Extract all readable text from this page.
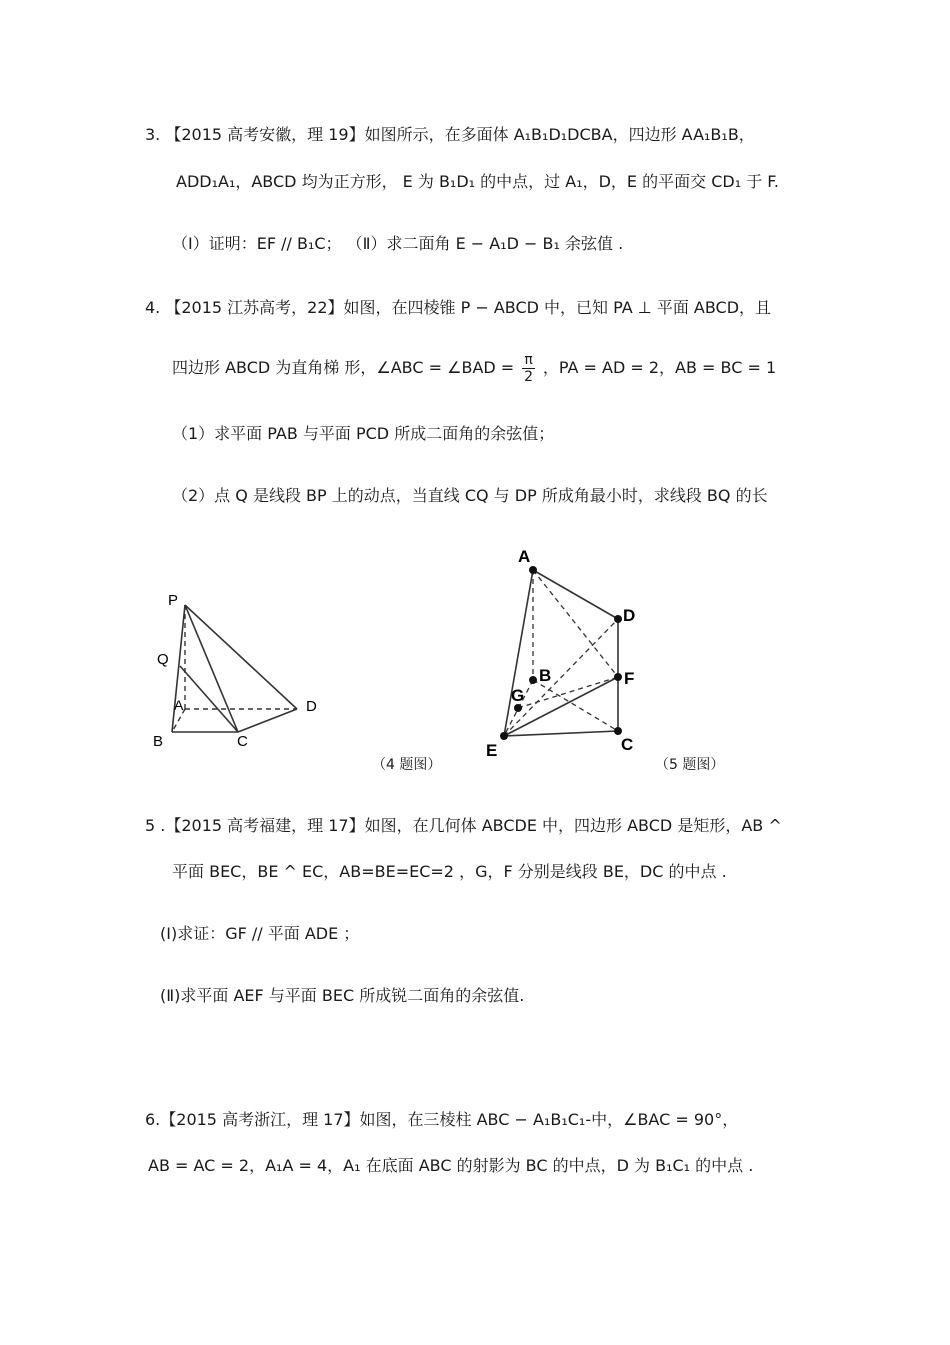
3. 【2015 高考安徽，理 19】如图所示，在多面体 A₁B₁D₁DCBA，四边形 AA₁B₁B，
ADD₁A₁，ABCD 均为正方形， E 为 B₁D₁ 的中点，过 A₁，D，E 的平面交 CD₁ 于 F.
（Ⅰ）证明：EF // B₁C； （Ⅱ）求二面角 E − A₁D − B₁ 余弦值 .
4. 【2015 江苏高考，22】如图，在四棱锥 P − ABCD 中，已知 PA ⊥ 平面 ABCD，且
四边形 ABCD 为直角梯 形，∠ABC = ∠BAD = $\frac{\pi}{2}$ ，PA = AD = 2，AB = BC = 1
（1）求平面 PAB 与平面 PCD 所成二面角的余弦值；
（2）点 Q 是线段 BP 上的动点，当直线 CQ 与 DP 所成角最小时，求线段 BQ 的长
P
Q
A
B	C
D
（4 题图）
A
D
B	F
G
E	C
（5 题图）
5 .【2015 高考福建，理 17】如图，在几何体 ABCDE 中，四边形 ABCD 是矩形，AB ^
平面 BEC，BE ^ EC，AB=BE=EC=2 ，G，F 分别是线段 BE，DC 的中点 .
(Ⅰ)求证：GF // 平面 ADE ；
(Ⅱ)求平面 AEF 与平面 BEC 所成锐二面角的余弦值.
6.【2015 高考浙江，理 17】如图，在三棱柱 ABC − A₁B₁C₁-中，∠BAC = 90°，
AB = AC = 2，A₁A = 4，A₁ 在底面 ABC 的射影为 BC 的中点，D 为 B₁C₁ 的中点 .
